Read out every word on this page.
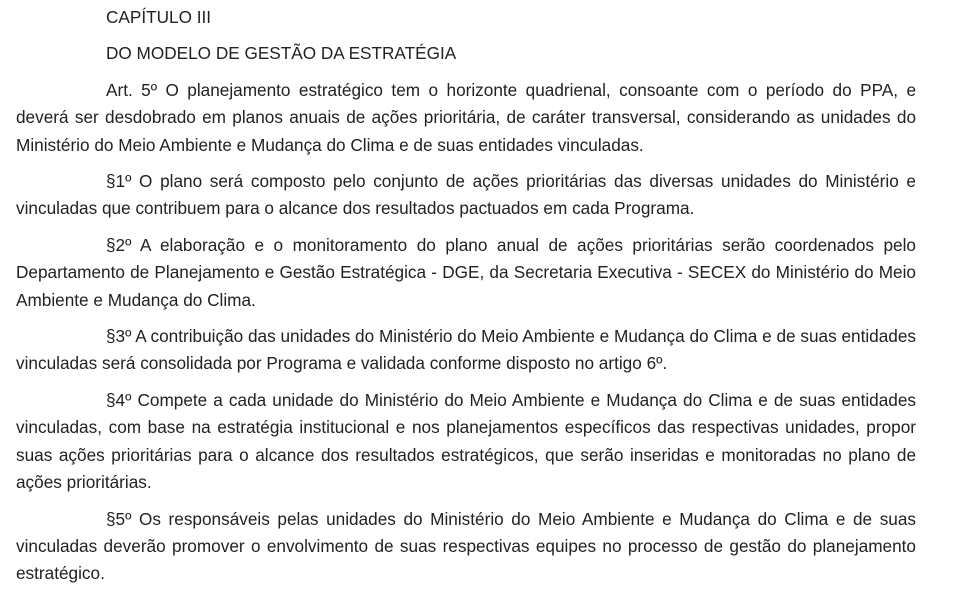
CAPÍTULO III

DO MODELO DE GESTÃO DA ESTRATÉGIA

Art. 5º O planejamento estratégico tem o horizonte quadrienal, consoante com o período do PPA, e deverá ser desdobrado em planos anuais de ações prioritária, de caráter transversal, considerando as unidades do Ministério do Meio Ambiente e Mudança do Clima e de suas entidades vinculadas.

§1º O plano será composto pelo conjunto de ações prioritárias das diversas unidades do Ministério e vinculadas que contribuem para o alcance dos resultados pactuados em cada Programa.

§2º A elaboração e o monitoramento do plano anual de ações prioritárias serão coordenados pelo Departamento de Planejamento e Gestão Estratégica - DGE, da Secretaria Executiva - SECEX do Ministério do Meio Ambiente e Mudança do Clima.

§3º A contribuição das unidades do Ministério do Meio Ambiente e Mudança do Clima e de suas entidades vinculadas será consolidada por Programa e validada conforme disposto no artigo 6º.

§4º Compete a cada unidade do Ministério do Meio Ambiente e Mudança do Clima e de suas entidades vinculadas, com base na estratégia institucional e nos planejamentos específicos das respectivas unidades, propor suas ações prioritárias para o alcance dos resultados estratégicos, que serão inseridas e monitoradas no plano de ações prioritárias.

§5º Os responsáveis pelas unidades do Ministério do Meio Ambiente e Mudança do Clima e de suas vinculadas deverão promover o envolvimento de suas respectivas equipes no processo de gestão do planejamento estratégico.
